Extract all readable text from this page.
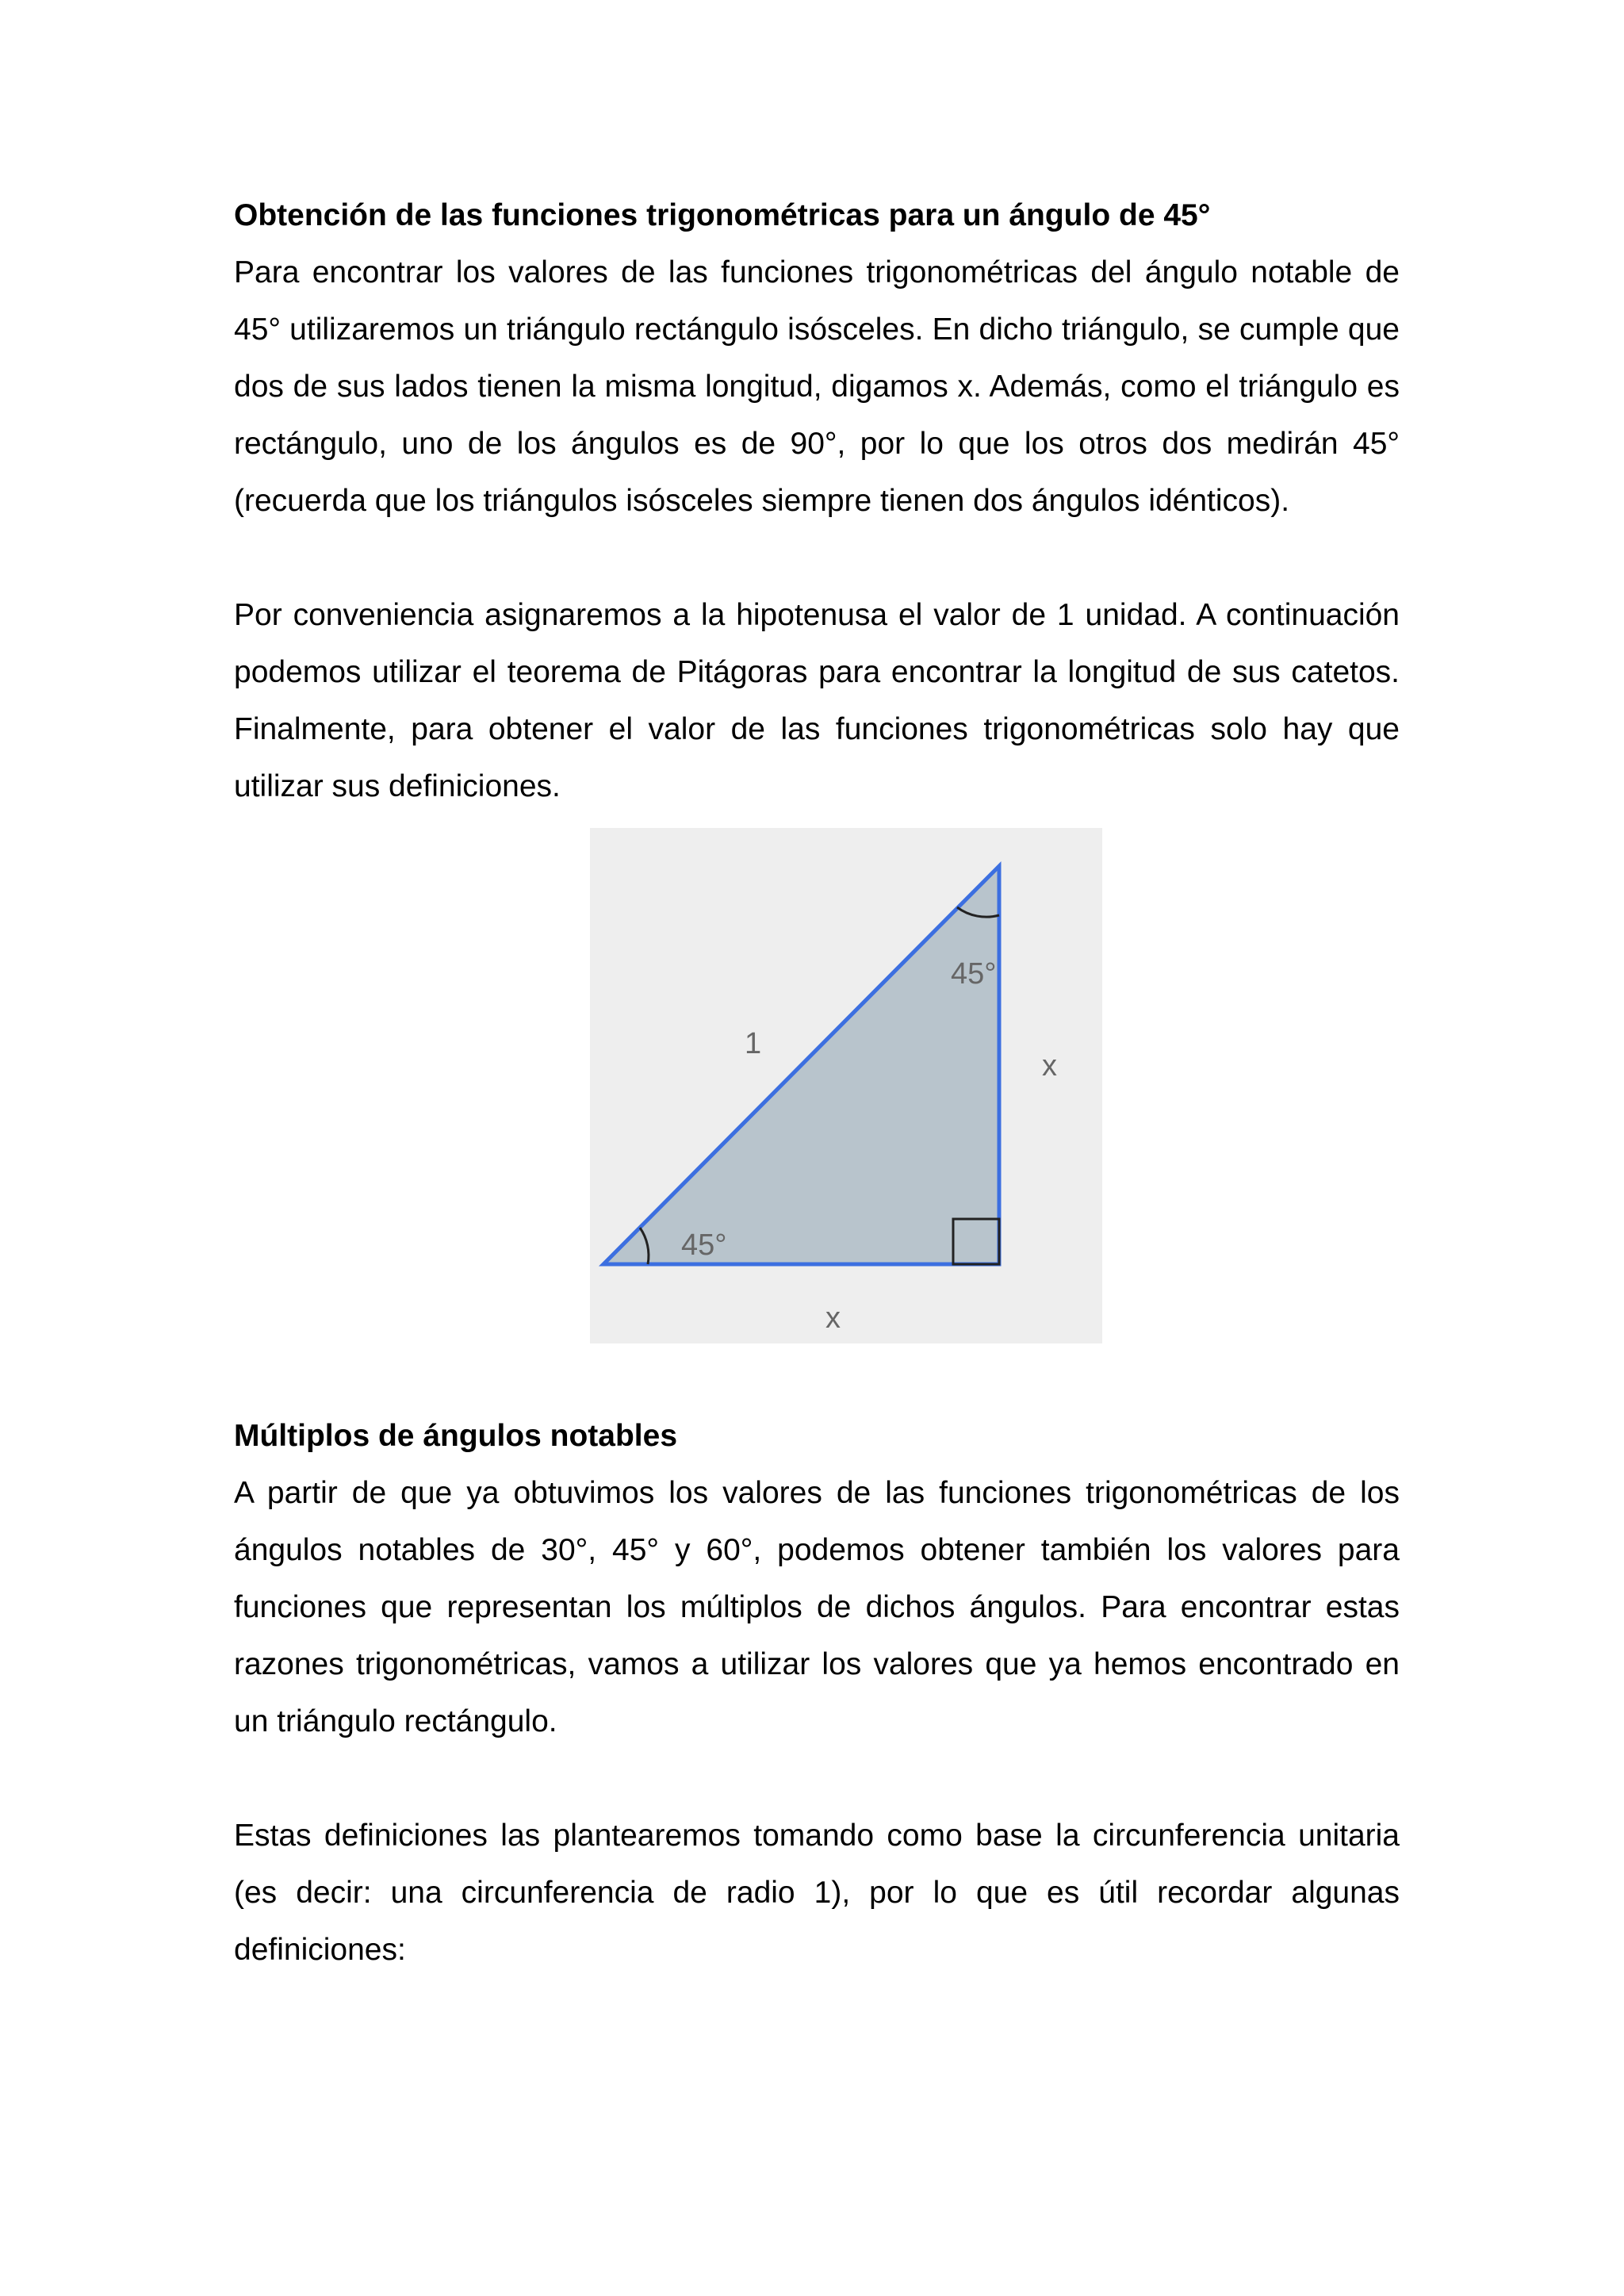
Obtención de las funciones trigonométricas para un ángulo de 45°

Para encontrar los valores de las funciones trigonométricas del ángulo notable de 45° utilizaremos un triángulo rectángulo isósceles. En dicho triángulo, se cumple que dos de sus lados tienen la misma longitud, digamos x. Además, como el triángulo es rectángulo, uno de los ángulos es de 90°, por lo que los otros dos medirán 45° (recuerda que los triángulos isósceles siempre tienen dos ángulos idénticos).

Por conveniencia asignaremos a la hipotenusa el valor de 1 unidad. A continuación podemos utilizar el teorema de Pitágoras para encontrar la longitud de sus catetos. Finalmente, para obtener el valor de las funciones trigonométricas solo hay que utilizar sus definiciones.

45°
1
x
45°
x
Múltiplos de ángulos notables

A partir de que ya obtuvimos los valores de las funciones trigonométricas de los ángulos notables de 30°, 45° y 60°, podemos obtener también los valores para funciones que representan los múltiplos de dichos ángulos. Para encontrar estas razones trigonométricas, vamos a utilizar los valores que ya hemos encontrado en un triángulo rectángulo.

Estas definiciones las plantearemos tomando como base la circunferencia unitaria (es decir: una circunferencia de radio 1), por lo que es útil recordar algunas definiciones:
